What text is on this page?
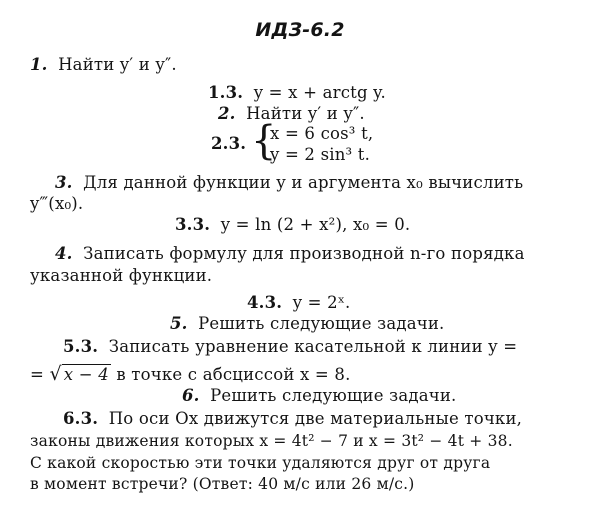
ИДЗ-6.2
1. Найти y′ и y″.
1.3. y = x + arctg y.
2. Найти y′ и y″.
2.3. {
x = 6 cos³ t,
y = 2 sin³ t.
3. Для данной функции y и аргумента x₀ вычислить
y‴(x₀).
3.3. y = ln (2 + x²), x₀ = 0.
4. Записать формулу для производной n-го порядка
указанной функции.
4.3. y = 2ˣ.
5. Решить следующие задачи.
5.3. Записать уравнение касательной к линии y =
= √ x − 4 в точке с абсциссой x = 8.
6. Решить следующие задачи.
6.3. По оси Ox движутся две материальные точки,
законы движения которых x = 4t² − 7 и x = 3t² − 4t + 38.
С какой скоростью эти точки удаляются друг от друга
в момент встречи? (Ответ: 40 м/с или 26 м/с.)
